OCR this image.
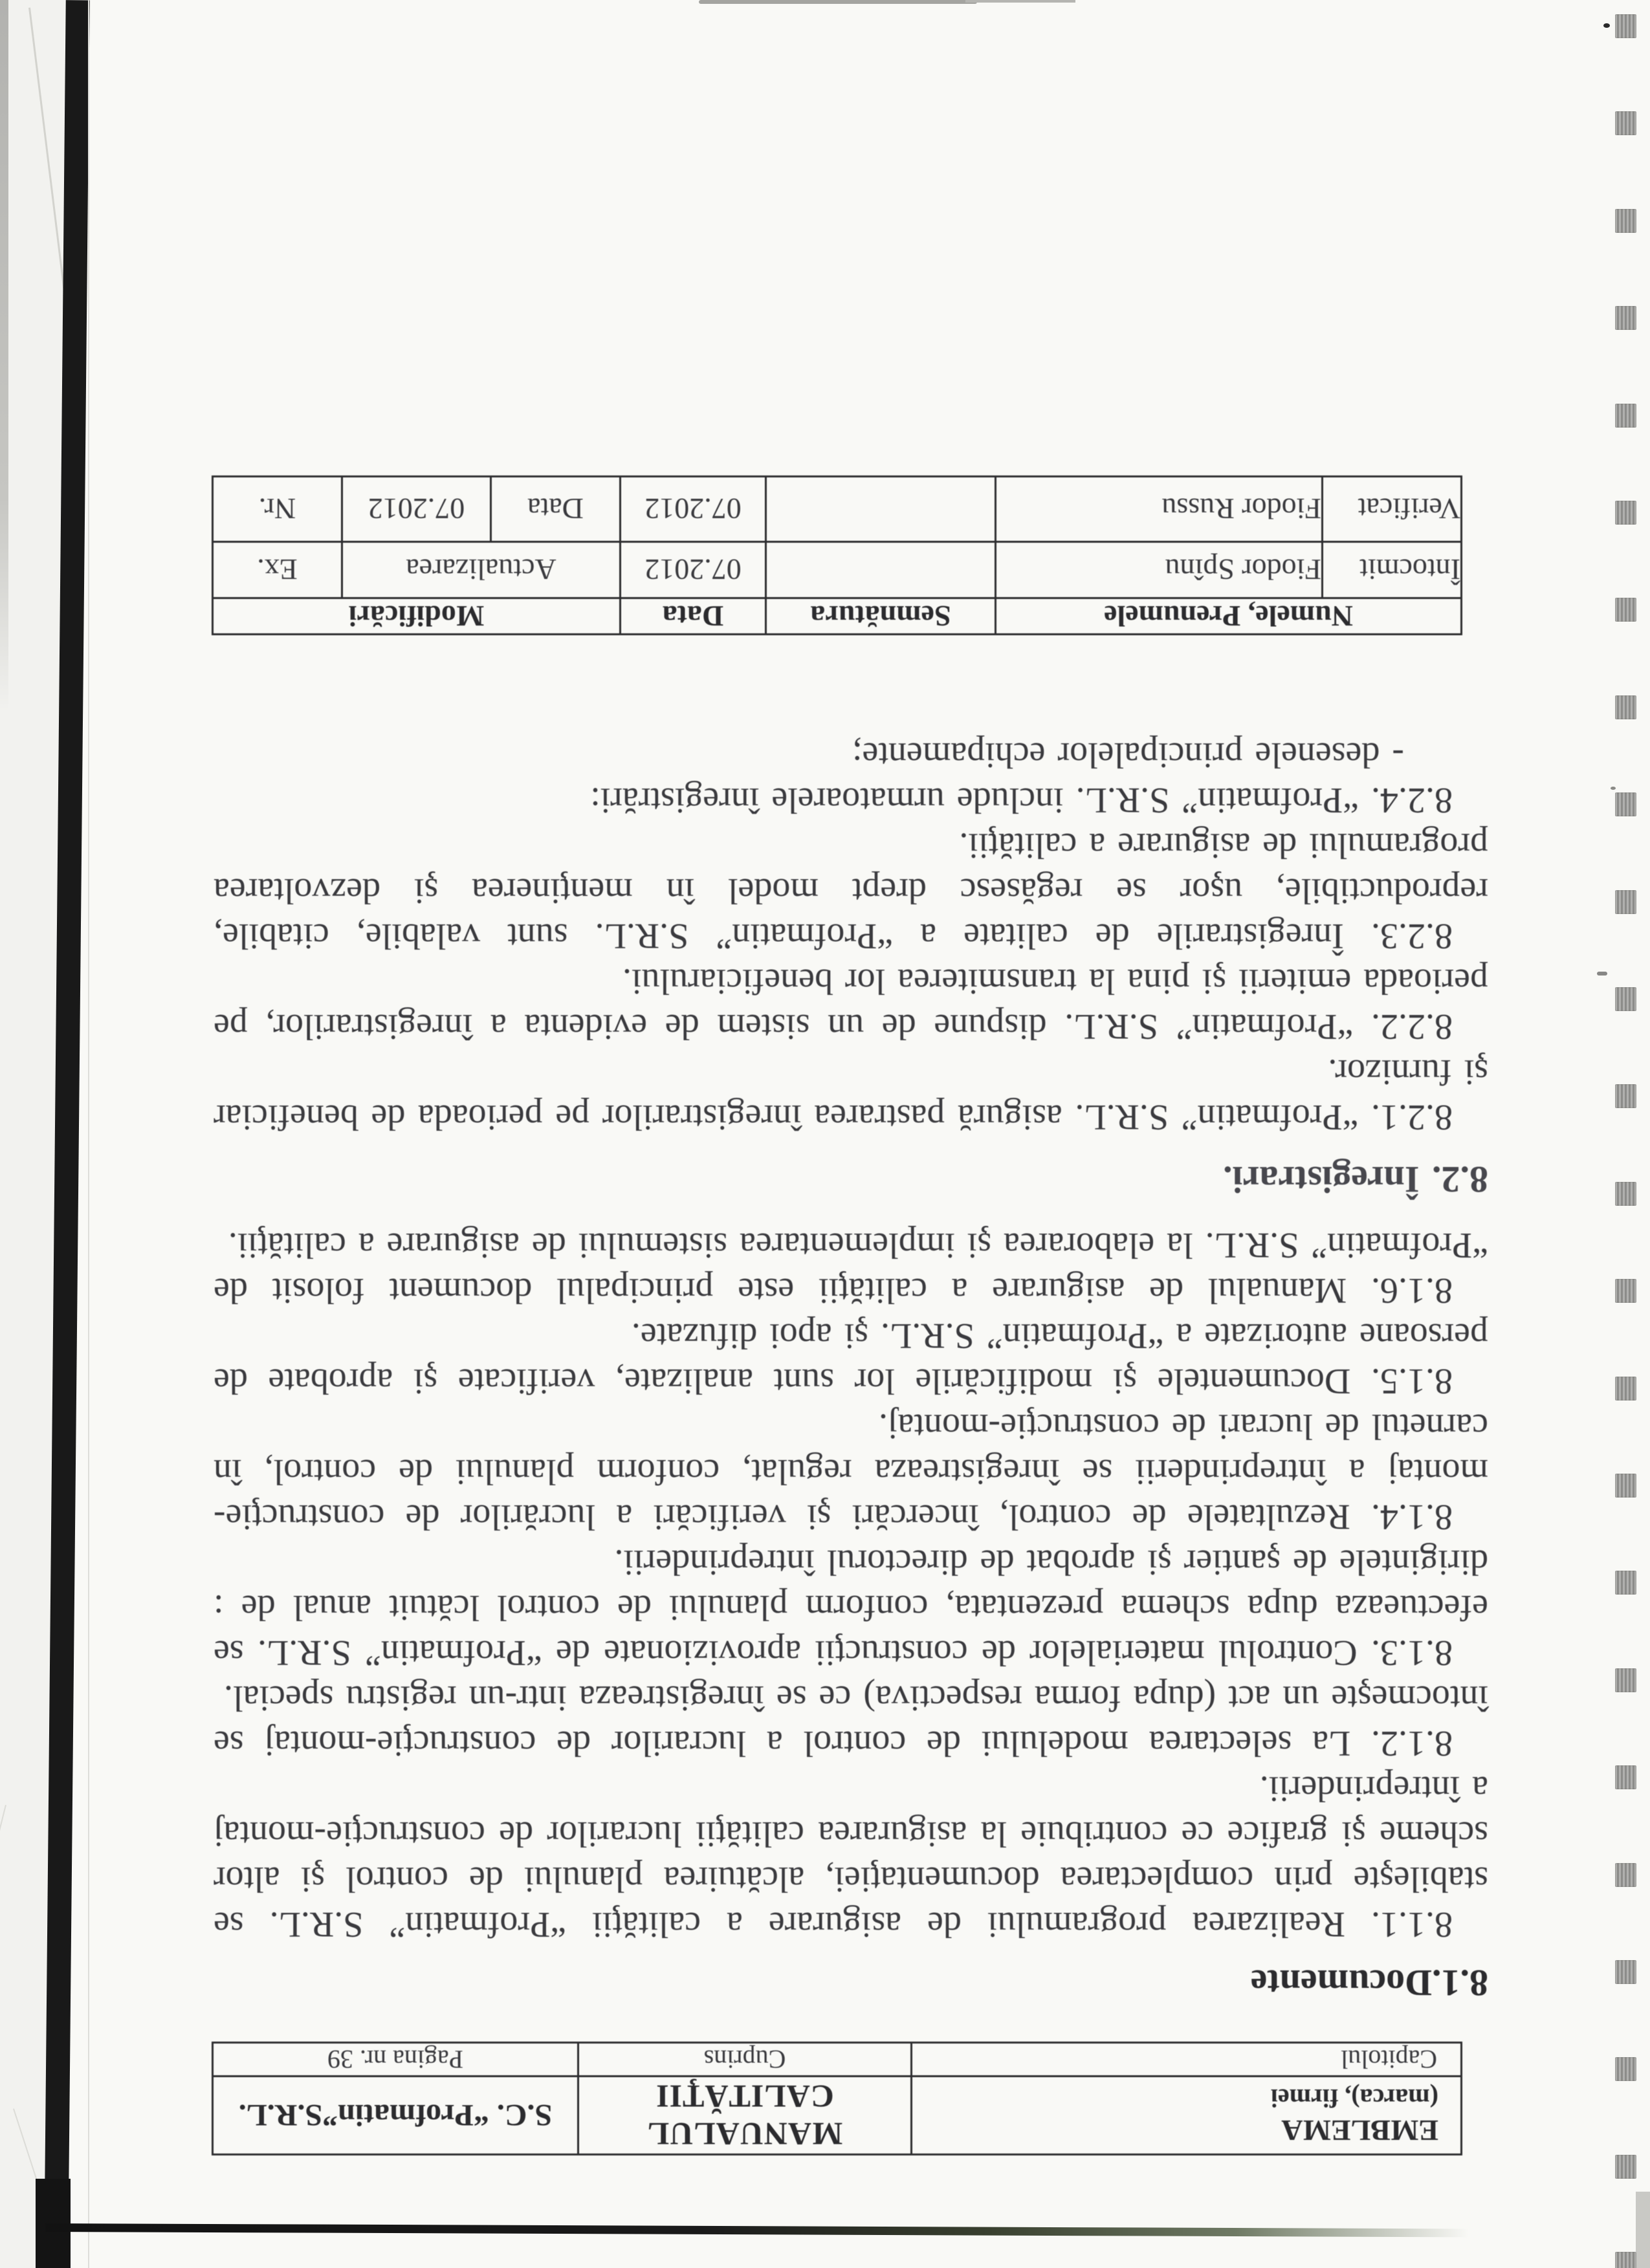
EMBLEMA
(marca), firmei	MANUALUL CALITĂŢII	S.C. “Profmatin”S.R.L.
Capitolul	Cuprins	Pagina nr. 39
8.1.Documente

8.1.1. Realizarea programului de asigurare a calităţii “Profmatin” S.R.L. se stabileşte prin complectarea documentaţiei, alcătuirea planului de control şi altor scheme şi grafice ce contribuie la asigurarea calităţii lucrarilor de construcţie-montaj a întreprinderii.

8.1.2. La selectarea modelului de control a lucrarilor de construcţie-montaj se întocmeşte un act (dupa forma respectiva) ce se înregistreaza intr-un registru special.

8.1.3. Controlul materialelor de construcţii aprovizionate de “Profmatin” S.R.L. se efectueaza dupa schema prezentata, conform planului de control lcătuit anual de : dirigintele de şantier şi aprobat de directorul întreprinderii.

8.1.4. Rezultatele de control, încercări şi verificări a lucrărilor de construcţie-montaj a întreprinderii se înregistreaza regulat, conform planului de control, în carnetul de lucrari de construcţie-montaj.

8.1.5. Documentele şi modificările lor sunt analizate, verificate şi aprobate de persoane autorizate a “Profmatin” S.R.L. şi apoi difuzate.

8.1.6. Manualul de asigurare a calităţii este principalul document folosit de “Profmatin” S.R.L. la elaborarea şi implementarea sistemului de asigurare a calităţii.

8.2. Înregistrari.

8.2.1. “Profmatin” S.R.L. asigură pastrarea înregistrarilor pe perioada de beneficiar şi furnizor.

8.2.2. “Profmatin” S.R.L. dispune de un sistem de evidenta a înregistrarilor, pe perioada emiterii şi pina la transmiterea lor beneficiarului.

8.2.3. Înregistrarile de calitate a “Profmatin” S.R.L. sunt valabile, citabile, reproductibile, uşor se regăsesc drept model în menţinerea şi dezvoltarea programului de asigurare a calităţii.

8.2.4. “Profmatin” S.R.L. include urmatoarele înregistrări:

- desenele principalelor echipamente;

Numele, Prenumele		Semnătura	Data	Modificări		
Întocmit	Fiodor Spînu		07.2012	Actualizarea		Ex.
Verificat	Fiodor Russu		07.2012	Data	07.2012	Nr.
